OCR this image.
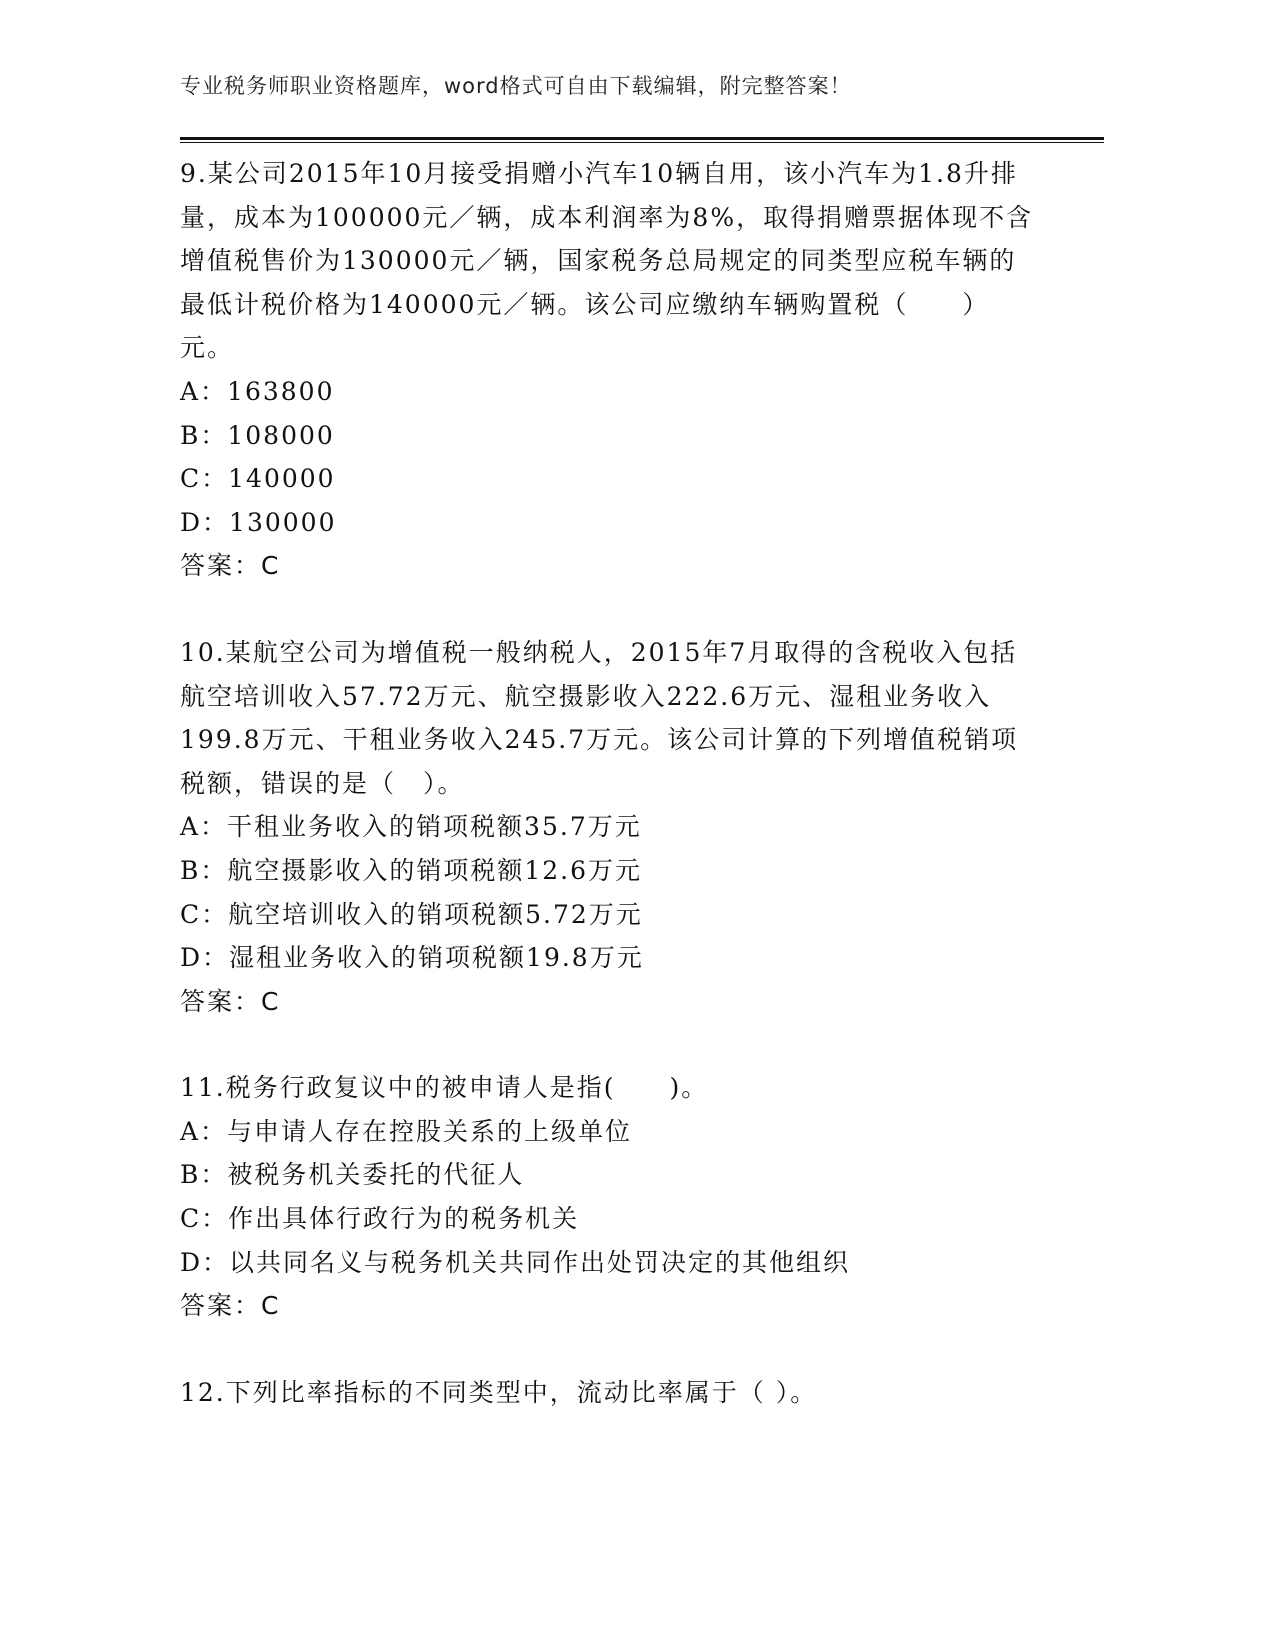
专业税务师职业资格题库，word格式可自由下载编辑，附完整答案！

9.某公司2015年10月接受捐赠小汽车10辆自用，该小汽车为1.8升排量，成本为100000元／辆，成本利润率为8%，取得捐赠票据体现不含增值税售价为130000元／辆，国家税务总局规定的同类型应税车辆的最低计税价格为140000元／辆。该公司应缴纳车辆购置税（　　）元。

A：163800

B：108000

C：140000

D：130000

答案：C

10.某航空公司为增值税一般纳税人，2015年7月取得的含税收入包括航空培训收入57.72万元、航空摄影收入222.6万元、湿租业务收入199.8万元、干租业务收入245.7万元。该公司计算的下列增值税销项税额，错误的是（　）。

A：干租业务收入的销项税额35.7万元

B：航空摄影收入的销项税额12.6万元

C：航空培训收入的销项税额5.72万元

D：湿租业务收入的销项税额19.8万元

答案：C

11.税务行政复议中的被申请人是指(　　)。

A：与申请人存在控股关系的上级单位

B：被税务机关委托的代征人

C：作出具体行政行为的税务机关

D：以共同名义与税务机关共同作出处罚决定的其他组织

答案：C

12.下列比率指标的不同类型中，流动比率属于（ ）。
